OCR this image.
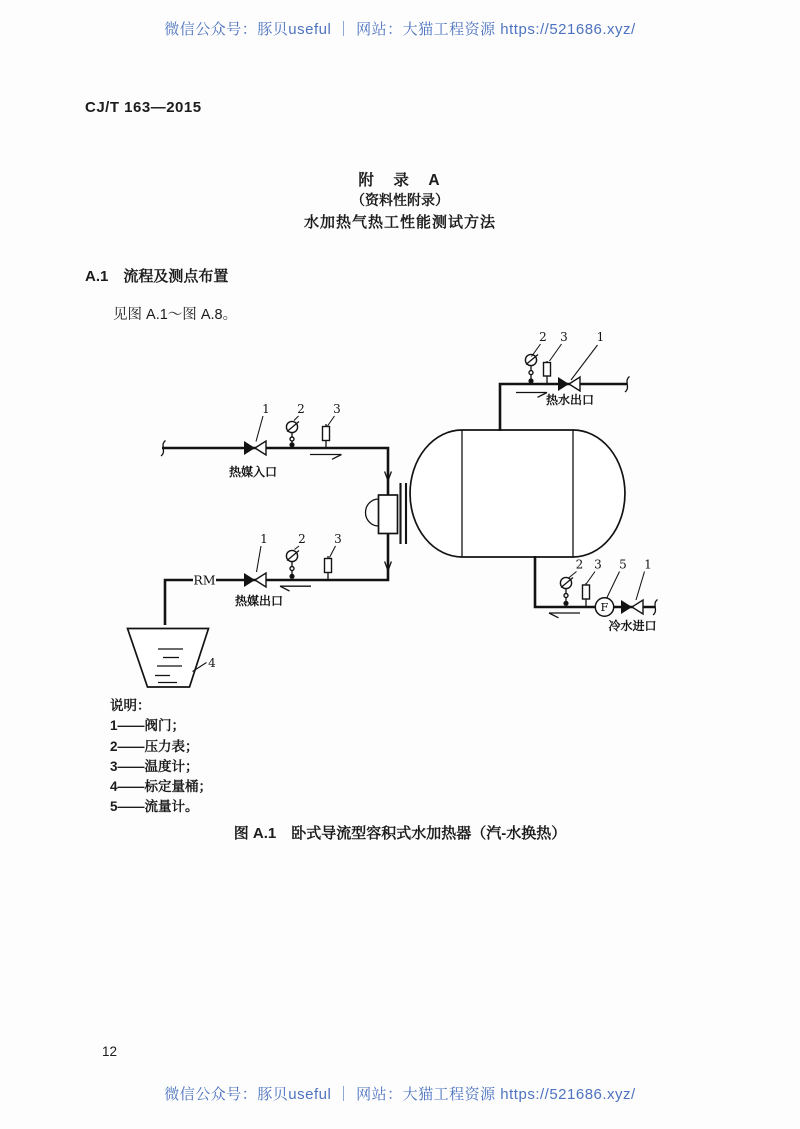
微信公众号：豚贝useful ｜ 网站：大猫工程资源 https://521686.xyz/
CJ/T 163—2015
附　录　A
（资料性附录）
水加热气热工性能测试方法
A.1　流程及测点布置
见图 A.1～图 A.8。
2 3 1
热水出口
1 2 3
热媒入口
1	2 3
RM
热媒出口
4
F
2 3 5 1
冷水进口
说明：
1——阀门；
2——压力表；
3——温度计；
4——标定量桶；
5——流量计。
图 A.1　卧式导流型容积式水加热器（汽-水换热）
12
微信公众号：豚贝useful ｜ 网站：大猫工程资源 https://521686.xyz/
